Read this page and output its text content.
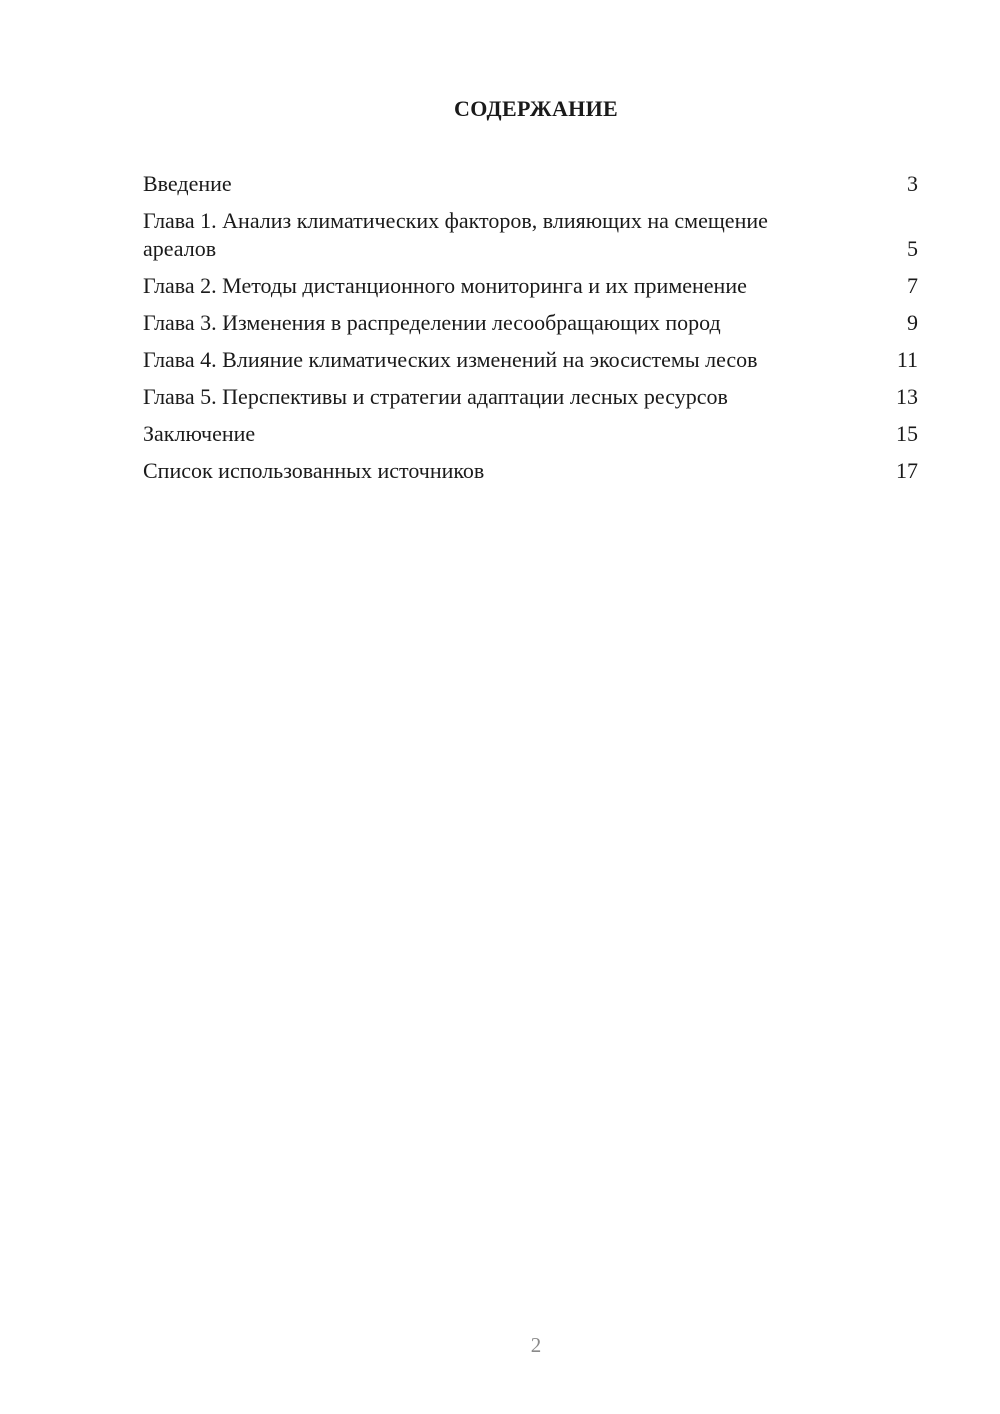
СОДЕРЖАНИЕ
Введение	3
Глава 1. Анализ климатических факторов, влияющих на смещение ареалов	5
Глава 2. Методы дистанционного мониторинга и их применение	7
Глава 3. Изменения в распределении лесообращающих пород	9
Глава 4. Влияние климатических изменений на экосистемы лесов	11
Глава 5. Перспективы и стратегии адаптации лесных ресурсов	13
Заключение	15
Список использованных источников	17
2
